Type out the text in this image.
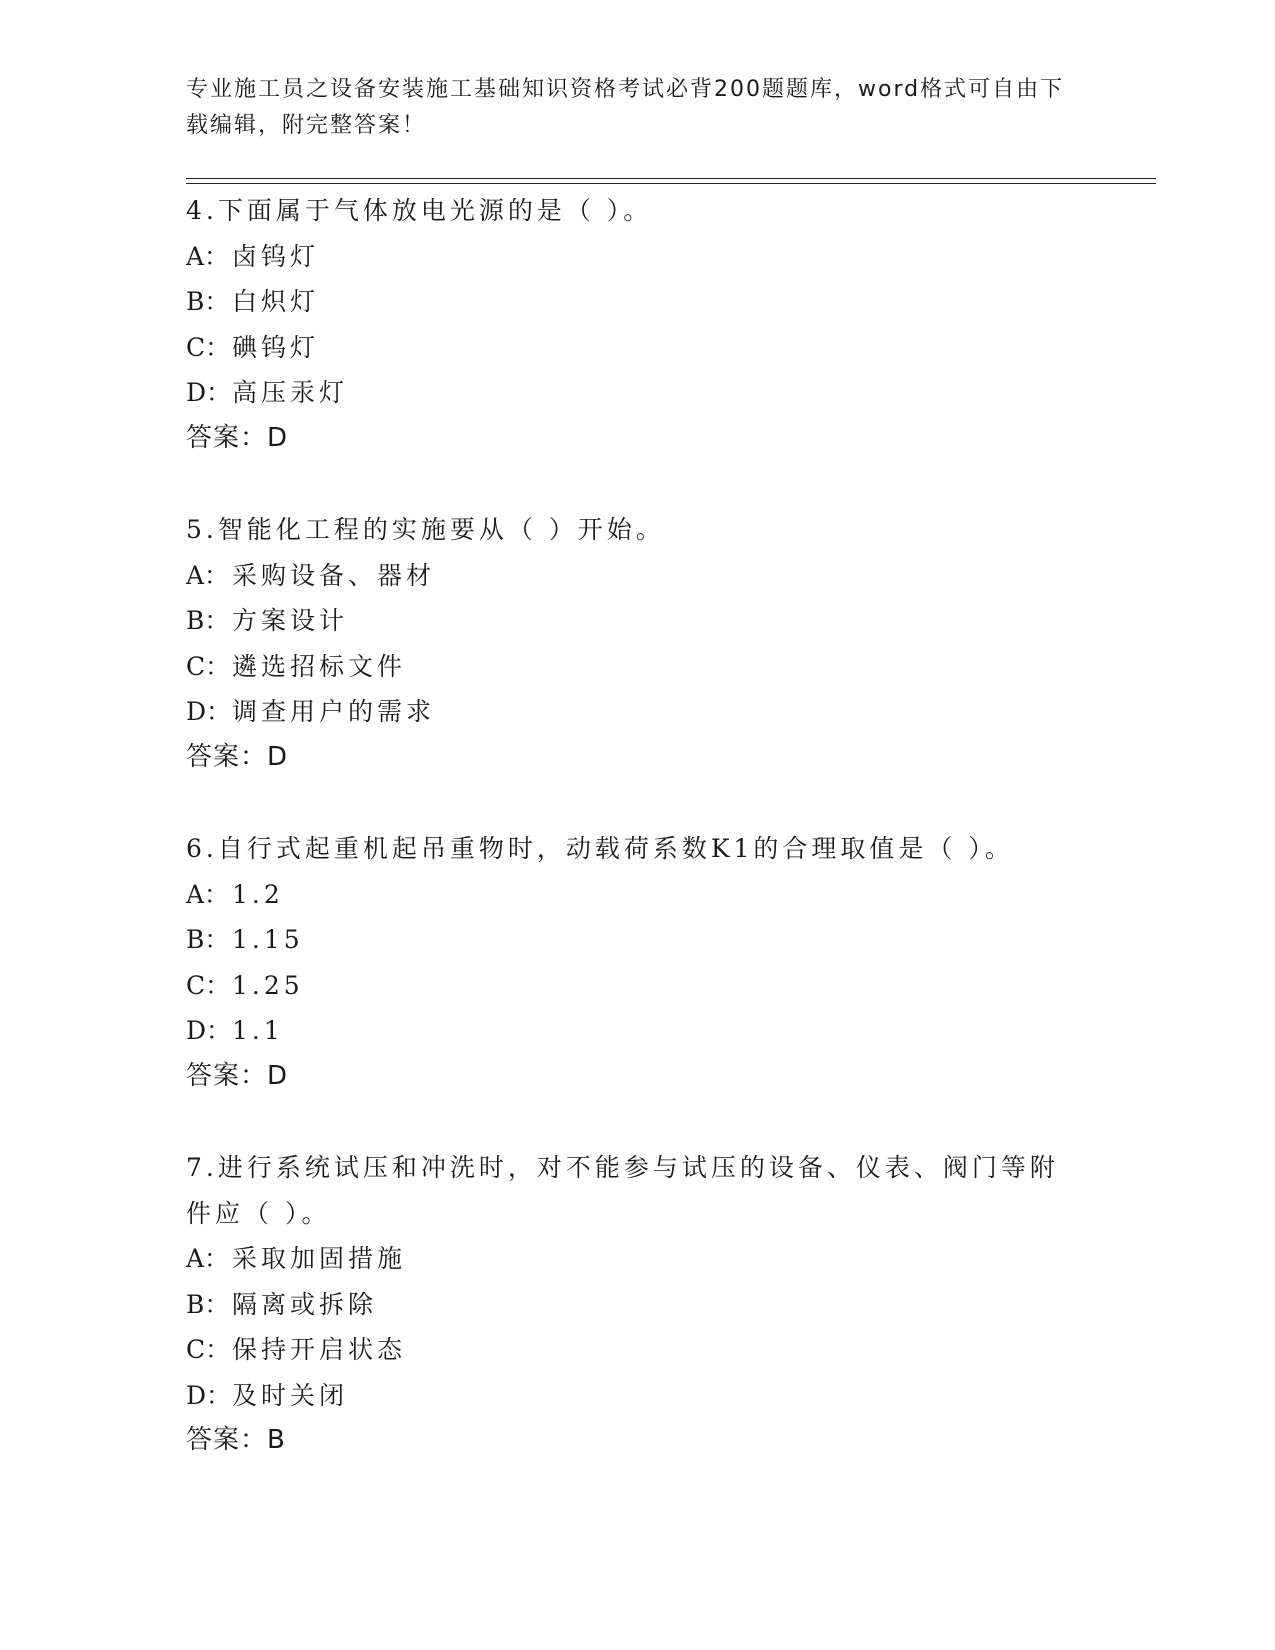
专业施工员之设备安装施工基础知识资格考试必背200题题库，word格式可自由下载编辑，附完整答案！

4.下面属于气体放电光源的是（ ）。

A： 卤钨灯

B： 白炽灯

C：碘钨灯

D：高压汞灯

答案：D

5.智能化工程的实施要从（ ）开始。

A： 采购设备、器材

B： 方案设计

C：遴选招标文件

D：调查用户的需求

答案：D

6.自行式起重机起吊重物时，动载荷系数K1的合理取值是（ ）。

A： 1.2

B： 1.15

C：1.25

D：1.1

答案：D

7.进行系统试压和冲洗时，对不能参与试压的设备、仪表、阀门等附件应（ ）。

A： 采取加固措施

B： 隔离或拆除

C：保持开启状态

D：及时关闭

答案：B
